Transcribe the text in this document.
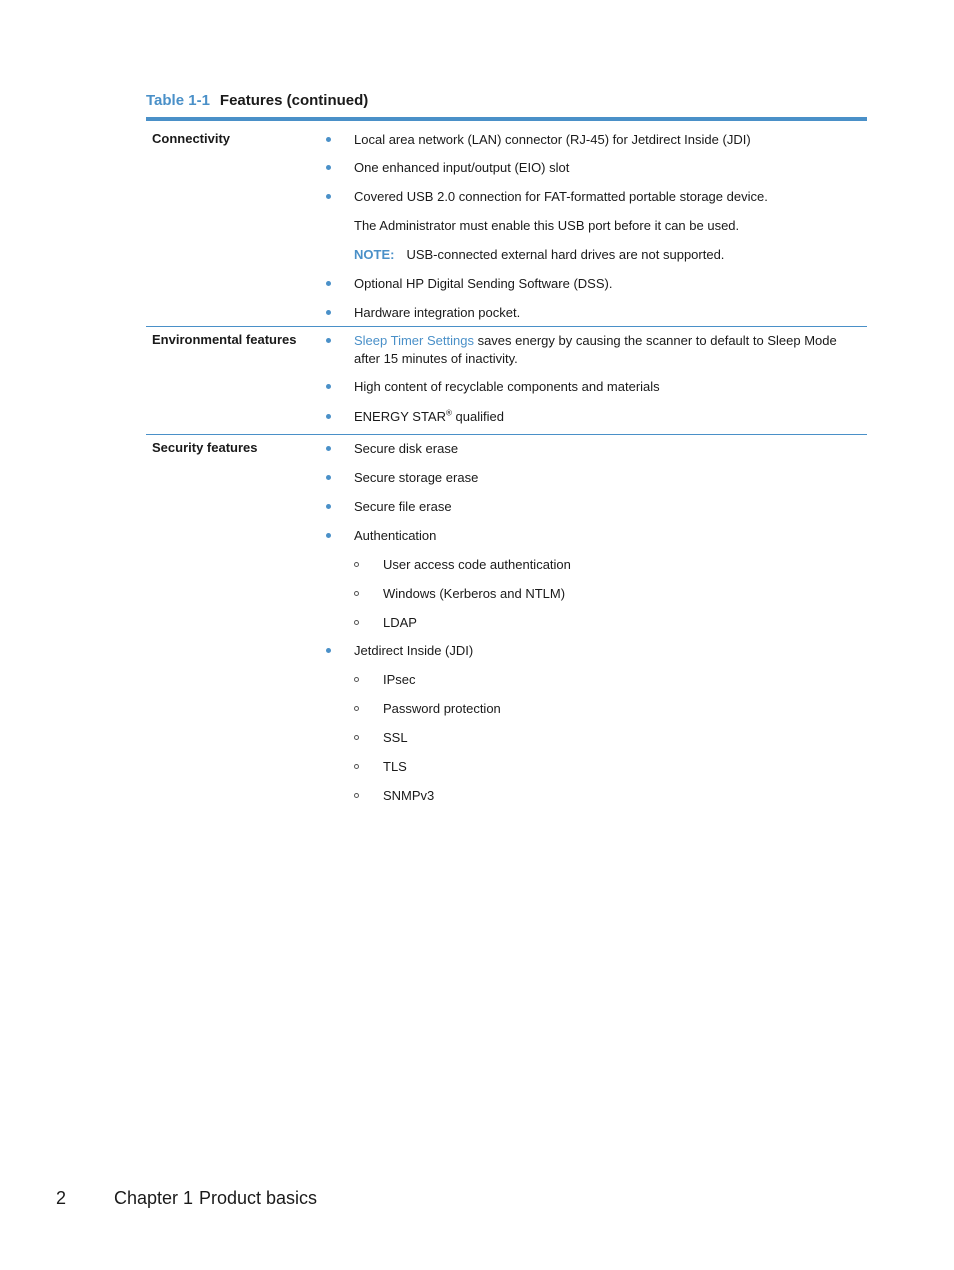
Table 1-1 Features (continued)
Connectivity	Local area network (LAN) connector (RJ-45) for Jetdirect Inside (JDI)
One enhanced input/output (EIO) slot
Covered USB 2.0 connection for FAT-formatted portable storage device.
The Administrator must enable this USB port before it can be used.
NOTE: USB-connected external hard drives are not supported.
Optional HP Digital Sending Software (DSS).
Hardware integration pocket.
Environmental features	Sleep Timer Settings saves energy by causing the scanner to default to Sleep Mode after 15 minutes of inactivity.
High content of recyclable components and materials
ENERGY STAR® qualified
Security features	Secure disk erase
Secure storage erase
Secure file erase
Authentication
User access code authentication
Windows (Kerberos and NTLM)
LDAP
Jetdirect Inside (JDI)
IPsec
Password protection
SSL
TLS
SNMPv3
2	Chapter 1 Product basics
